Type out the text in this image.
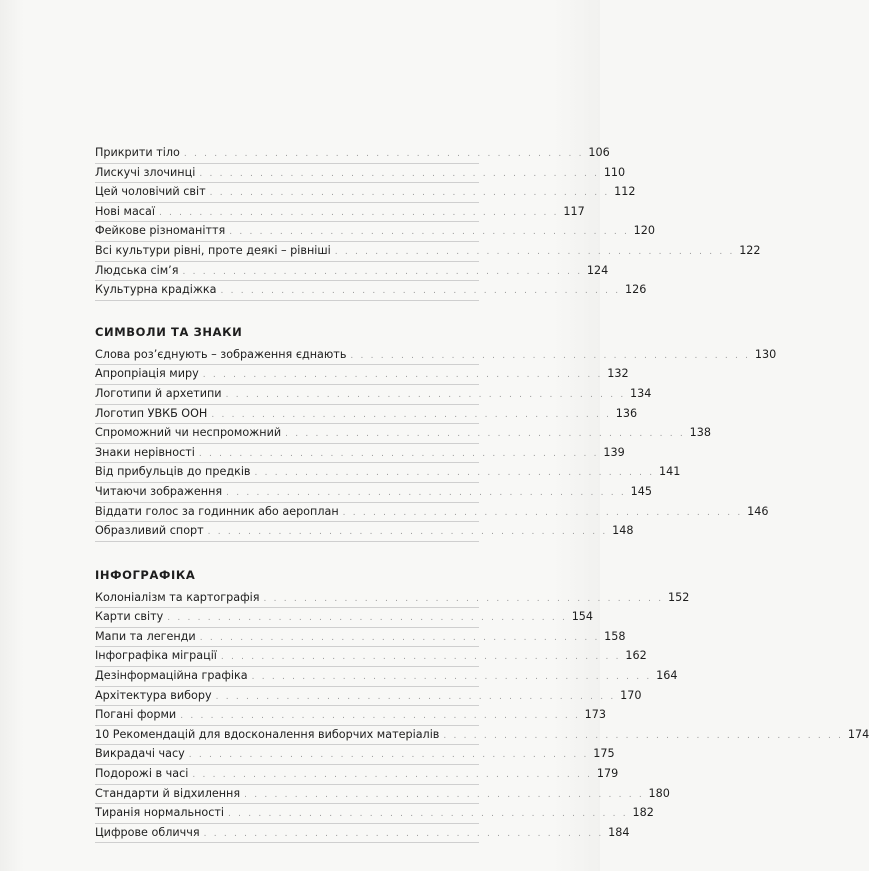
Прикрити тіло . . . . . . . . . . . . . . . . . . . . . . . . . . . . . . . . . . . . . . . . 106
Лискучі злочинці . . . . . . . . . . . . . . . . . . . . . . . . . . . . . . . . . . . . . . . . 110
Цей чоловічий світ . . . . . . . . . . . . . . . . . . . . . . . . . . . . . . . . . . . . . . . . 112
Нові масаї . . . . . . . . . . . . . . . . . . . . . . . . . . . . . . . . . . . . . . . . 117
Фейкове різноманіття . . . . . . . . . . . . . . . . . . . . . . . . . . . . . . . . . . . . . . . . 120
Всі культури рівні, проте деякі – рівніші . . . . . . . . . . . . . . . . . . . . . . . . . . . . . . . . . . . . . . . . 122
Людська сім’я . . . . . . . . . . . . . . . . . . . . . . . . . . . . . . . . . . . . . . . . 124
Культурна крадіжка . . . . . . . . . . . . . . . . . . . . . . . . . . . . . . . . . . . . . . . . 126
СИМВОЛИ ТА ЗНАКИ
Слова роз’єднують – зображення єднають . . . . . . . . . . . . . . . . . . . . . . . . . . . . . . . . . . . . . . . . 130
Апропріація миру . . . . . . . . . . . . . . . . . . . . . . . . . . . . . . . . . . . . . . . . 132
Логотипи й архетипи . . . . . . . . . . . . . . . . . . . . . . . . . . . . . . . . . . . . . . . . 134
Логотип УВКБ ООН . . . . . . . . . . . . . . . . . . . . . . . . . . . . . . . . . . . . . . . . 136
Спроможний чи неспроможний . . . . . . . . . . . . . . . . . . . . . . . . . . . . . . . . . . . . . . . . 138
Знаки нерівності . . . . . . . . . . . . . . . . . . . . . . . . . . . . . . . . . . . . . . . . 139
Від прибульців до предків . . . . . . . . . . . . . . . . . . . . . . . . . . . . . . . . . . . . . . . . 141
Читаючи зображення . . . . . . . . . . . . . . . . . . . . . . . . . . . . . . . . . . . . . . . . 145
Віддати голос за годинник або аероплан . . . . . . . . . . . . . . . . . . . . . . . . . . . . . . . . . . . . . . . . 146
Образливий спорт . . . . . . . . . . . . . . . . . . . . . . . . . . . . . . . . . . . . . . . . 148
ІНФОГРАФІКА
Колоніалізм та картографія . . . . . . . . . . . . . . . . . . . . . . . . . . . . . . . . . . . . . . . . 152
Карти світу . . . . . . . . . . . . . . . . . . . . . . . . . . . . . . . . . . . . . . . . 154
Мапи та легенди . . . . . . . . . . . . . . . . . . . . . . . . . . . . . . . . . . . . . . . . 158
Інфографіка міграції . . . . . . . . . . . . . . . . . . . . . . . . . . . . . . . . . . . . . . . . 162
Дезінформаційна графіка . . . . . . . . . . . . . . . . . . . . . . . . . . . . . . . . . . . . . . . . 164
Архітектура вибору . . . . . . . . . . . . . . . . . . . . . . . . . . . . . . . . . . . . . . . . 170
Погані форми . . . . . . . . . . . . . . . . . . . . . . . . . . . . . . . . . . . . . . . . 173
10 Рекомендацій для вдосконалення виборчих матеріалів . . . . . . . . . . . . . . . . . . . . . . . . . . . . . . . . . . . . . . . . 174
Викрадачі часу . . . . . . . . . . . . . . . . . . . . . . . . . . . . . . . . . . . . . . . . 175
Подорожі в часі . . . . . . . . . . . . . . . . . . . . . . . . . . . . . . . . . . . . . . . . 179
Стандарти й відхилення . . . . . . . . . . . . . . . . . . . . . . . . . . . . . . . . . . . . . . . . 180
Тиранія нормальності . . . . . . . . . . . . . . . . . . . . . . . . . . . . . . . . . . . . . . . . 182
Цифрове обличчя . . . . . . . . . . . . . . . . . . . . . . . . . . . . . . . . . . . . . . . . 184
